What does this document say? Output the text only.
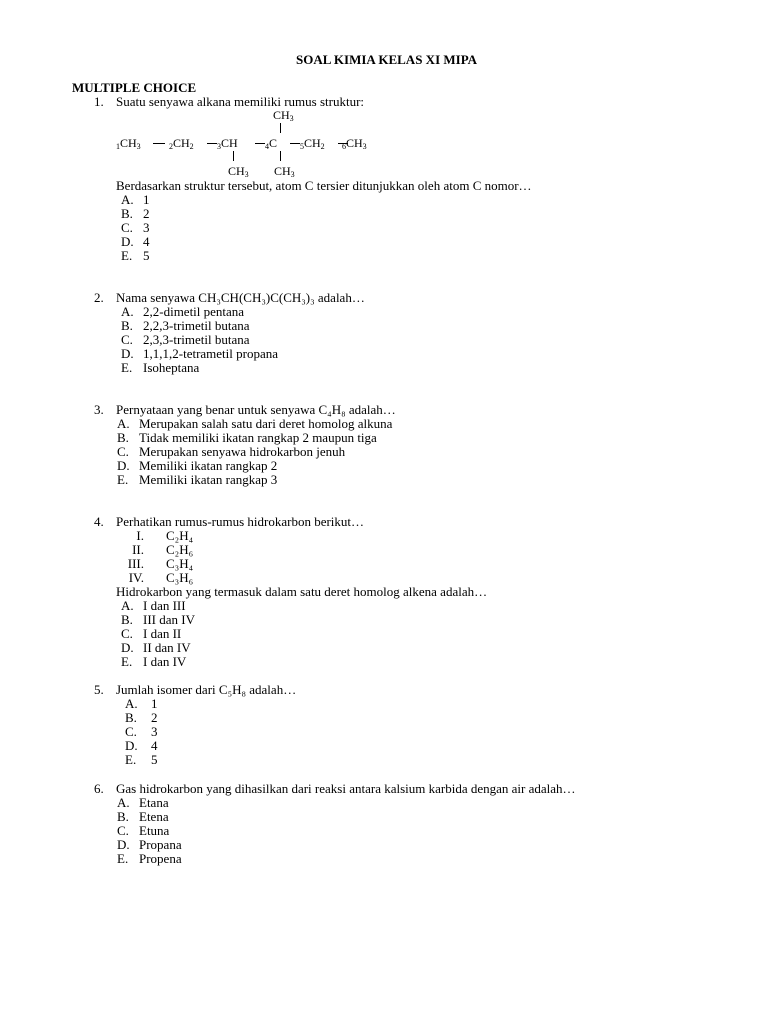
SOAL KIMIA KELAS XI MIPA
MULTIPLE CHOICE
1. Suatu senyawa alkana memiliki rumus struktur:
$CH_3$
$_1CH_3$	$_2CH_2$	$_3$CH	$_4$C	$_5CH_2$ $_6CH_3$
$CH_3$ $CH_3$
Berdasarkan struktur tersebut, atom C tersier ditunjukkan oleh atom C nomor…
A. 1
B. 2
C. 3
D. 4
E. 5
2. Nama senyawa CH₃CH(CH₃)C(CH₃)₃ adalah…
A. 2,2-dimetil pentana
B. 2,2,3-trimetil butana
C. 2,3,3-trimetil butana
D. 1,1,1,2-tetrametil propana
E. Isoheptana
3. Pernyataan yang benar untuk senyawa C₄H₈ adalah…
A. Merupakan salah satu dari deret homolog alkuna
B. Tidak memiliki ikatan rangkap 2 maupun tiga
C. Merupakan senyawa hidrokarbon jenuh
D. Memiliki ikatan rangkap 2
E. Memiliki ikatan rangkap 3
4. Perhatikan rumus-rumus hidrokarbon berikut…
I. C₂H₄
II. C₂H₆
III. C₃H₄
IV. C₃H₆
Hidrokarbon yang termasuk dalam satu deret homolog alkena adalah…
A. I dan III
B. III dan IV
C. I dan II
D. II dan IV
E. I dan IV
5. Jumlah isomer dari C₅H₈ adalah…
A. 1
B. 2
C. 3
D. 4
E. 5
6. Gas hidrokarbon yang dihasilkan dari reaksi antara kalsium karbida dengan air adalah…
A. Etana
B. Etena
C. Etuna
D. Propana
E. Propena
